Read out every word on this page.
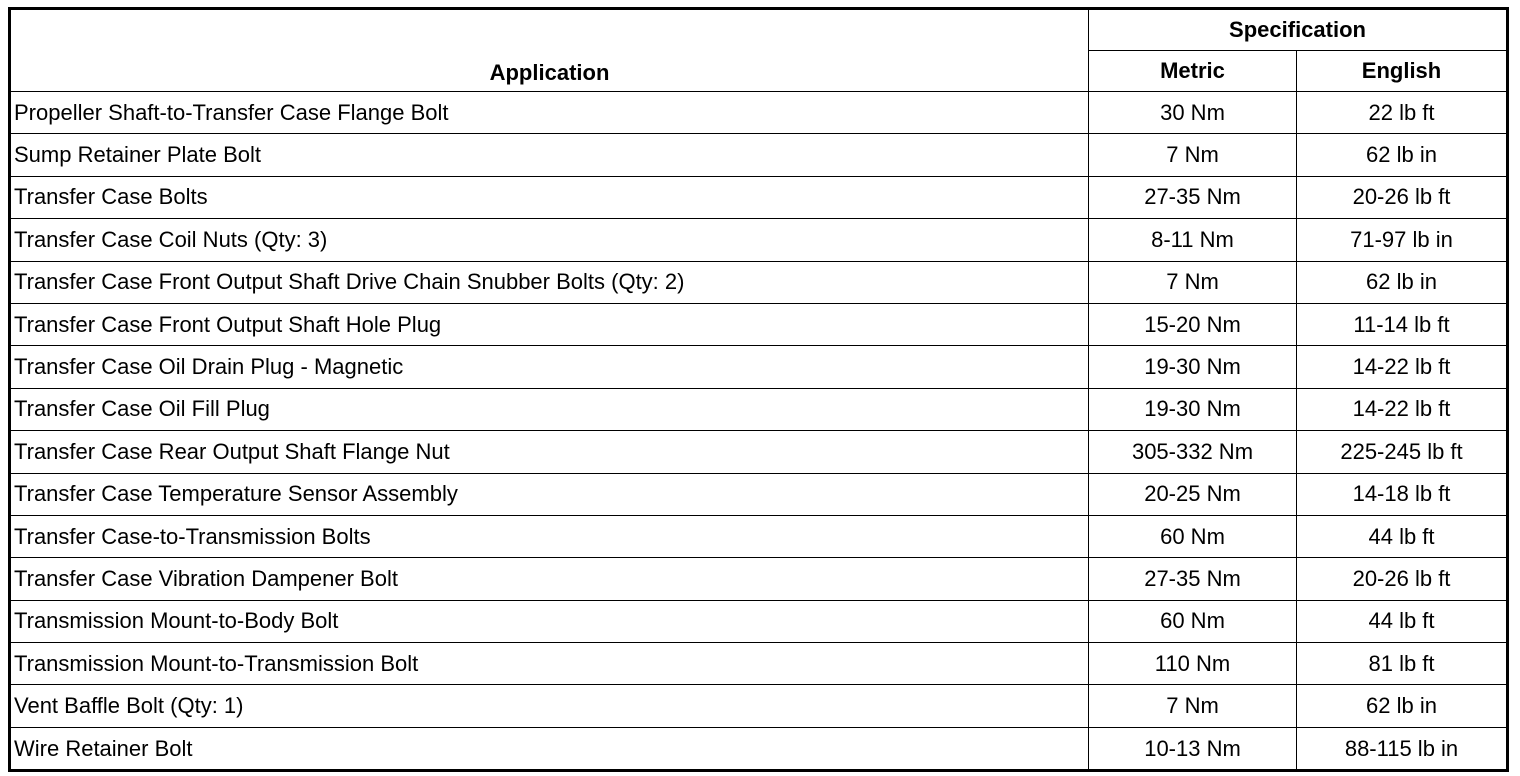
Application	Specification	
	Metric	English
Propeller Shaft-to-Transfer Case Flange Bolt	30 Nm	22 lb ft
Sump Retainer Plate Bolt	7 Nm	62 lb in
Transfer Case Bolts	27-35 Nm	20-26 lb ft
Transfer Case Coil Nuts (Qty: 3)	8-11 Nm	71-97 lb in
Transfer Case Front Output Shaft Drive Chain Snubber Bolts (Qty: 2)	7 Nm	62 lb in
Transfer Case Front Output Shaft Hole Plug	15-20 Nm	11-14 lb ft
Transfer Case Oil Drain Plug - Magnetic	19-30 Nm	14-22 lb ft
Transfer Case Oil Fill Plug	19-30 Nm	14-22 lb ft
Transfer Case Rear Output Shaft Flange Nut	305-332 Nm	225-245 lb ft
Transfer Case Temperature Sensor Assembly	20-25 Nm	14-18 lb ft
Transfer Case-to-Transmission Bolts	60 Nm	44 lb ft
Transfer Case Vibration Dampener Bolt	27-35 Nm	20-26 lb ft
Transmission Mount-to-Body Bolt	60 Nm	44 lb ft
Transmission Mount-to-Transmission Bolt	110 Nm	81 lb ft
Vent Baffle Bolt (Qty: 1)	7 Nm	62 lb in
Wire Retainer Bolt	10-13 Nm	88-115 lb in
